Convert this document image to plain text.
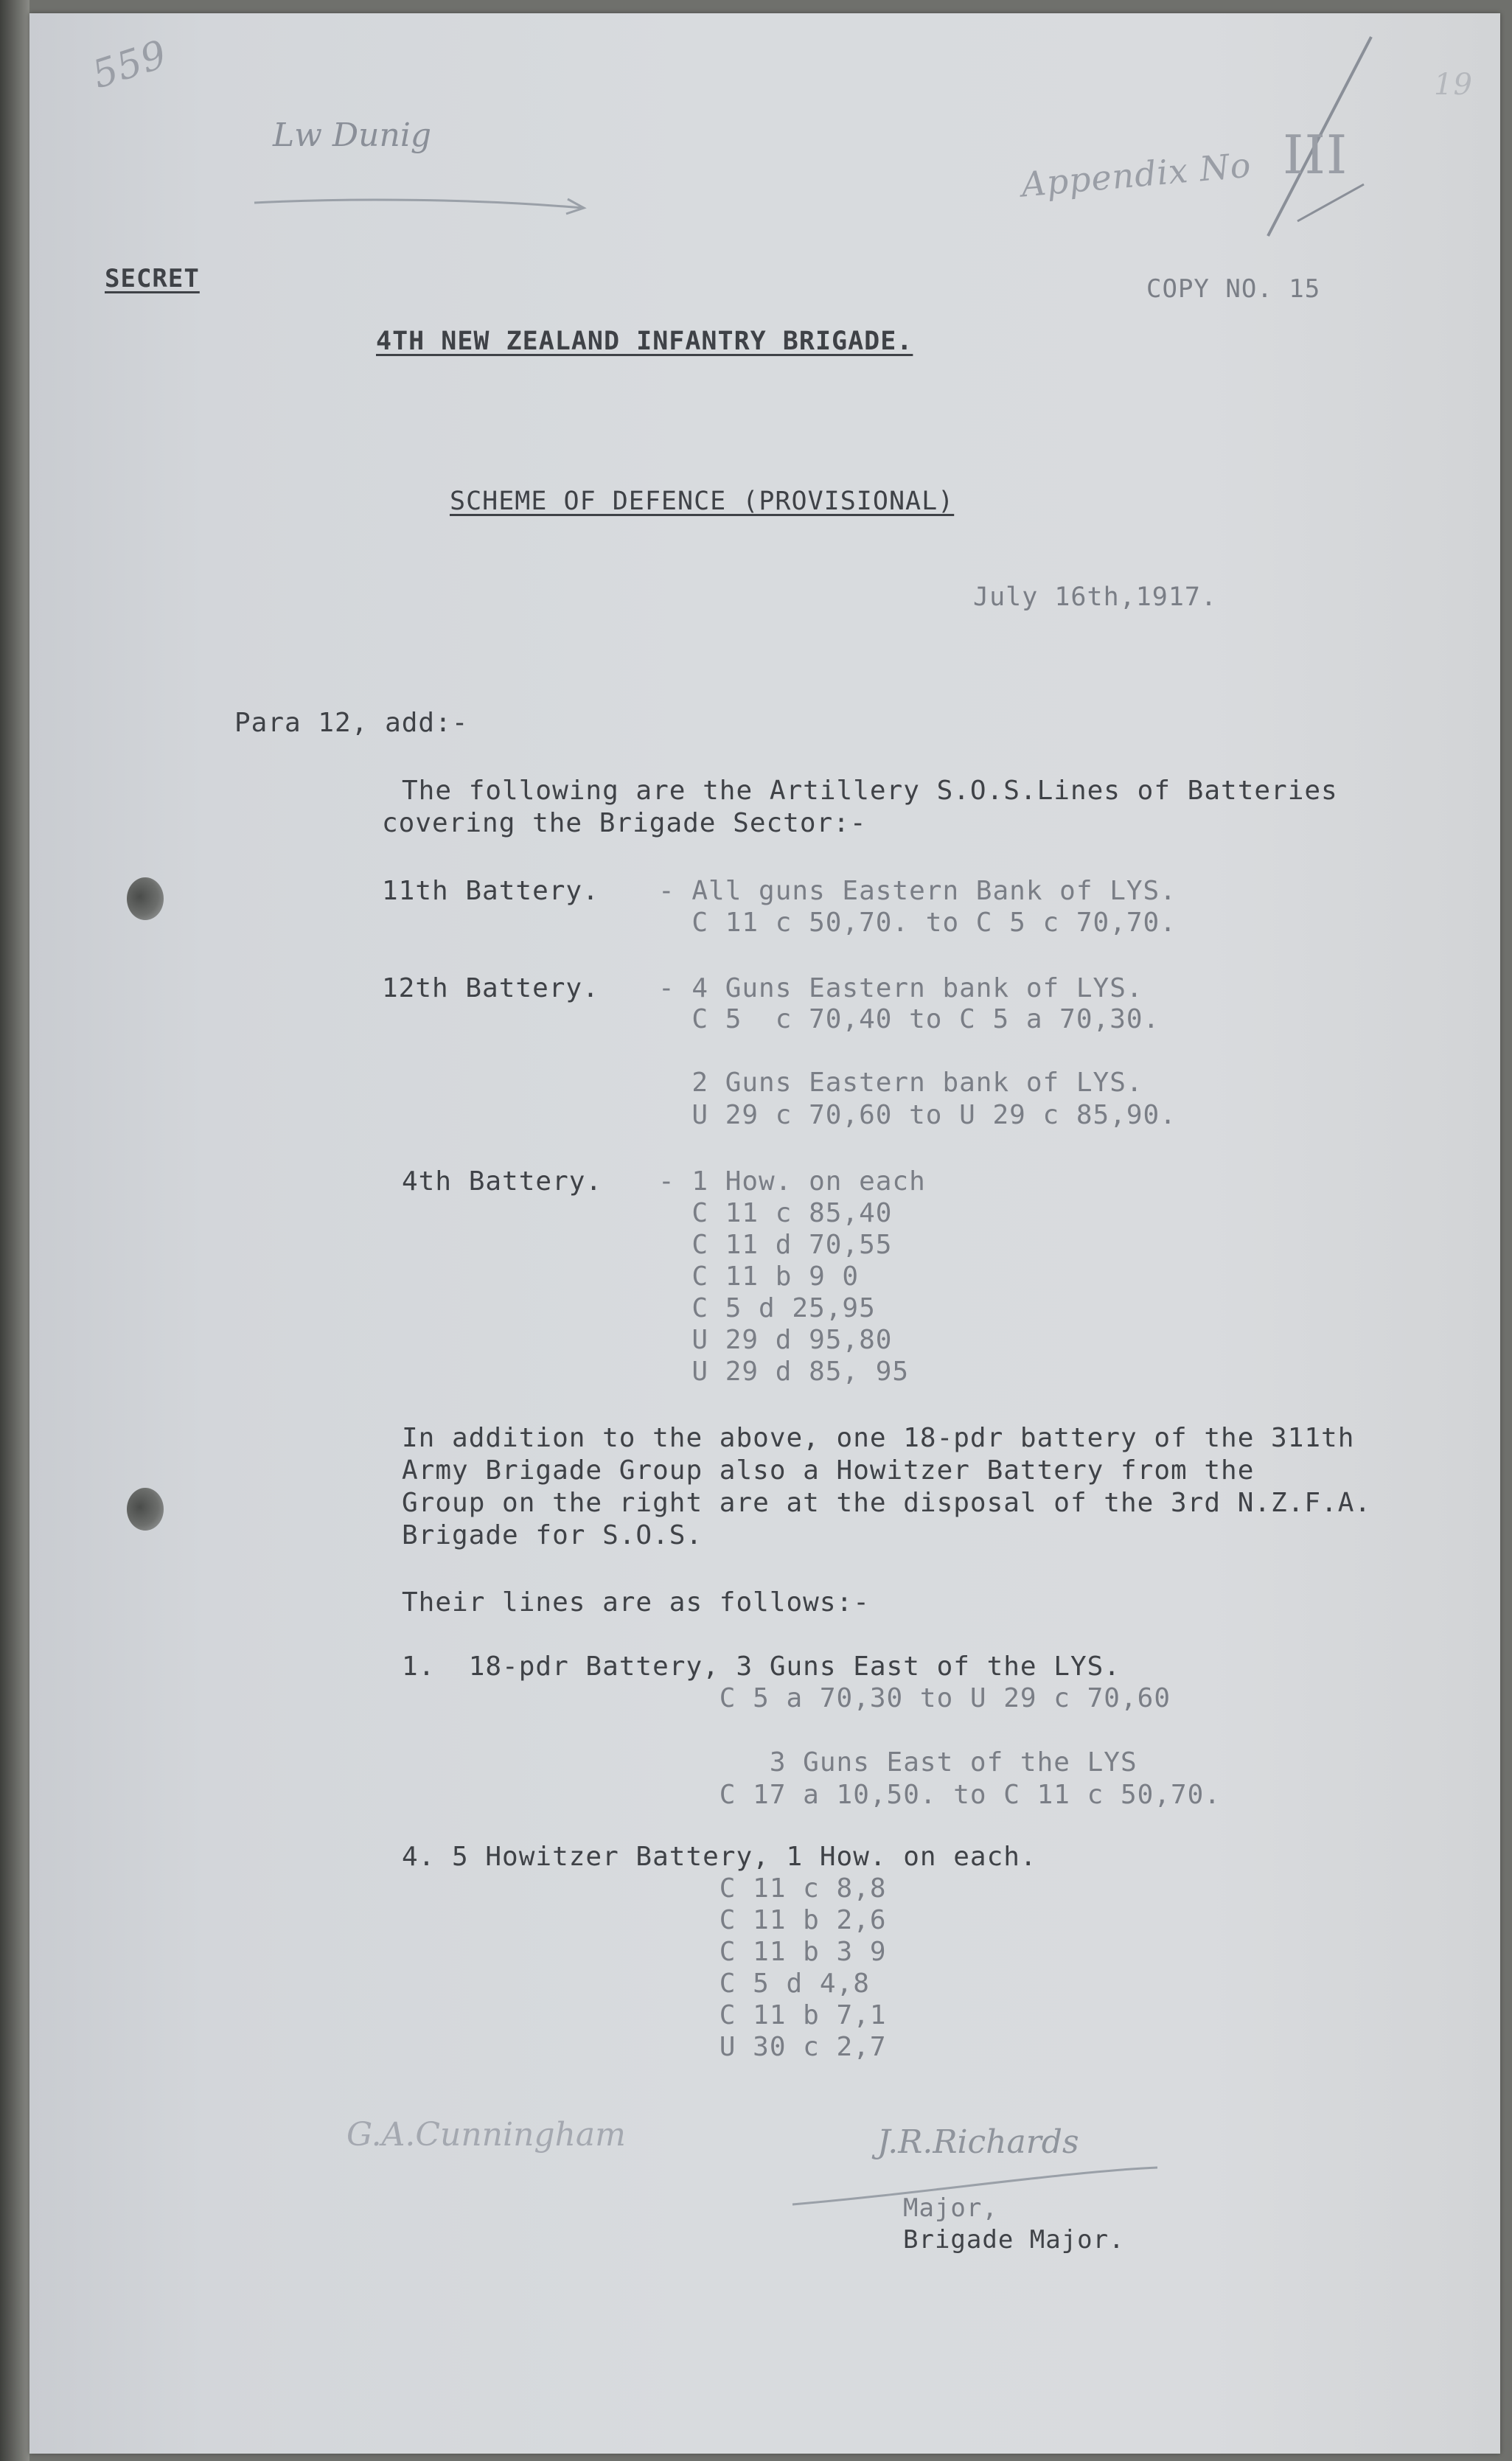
559
Lw Dunig
19
Appendix No III
SECRET	COPY NO. 15
4TH NEW ZEALAND INFANTRY BRIGADE.
SCHEME OF DEFENCE (PROVISIONAL)
July 16th,1917.
Para 12, add:-
The following are the Artillery S.O.S.Lines of Batteries
covering the Brigade Sector:-
11th Battery. - All guns Eastern Bank of LYS.
C 11 c 50,70. to C 5 c 70,70.
12th Battery. - 4 Guns Eastern bank of LYS.
C 5  c 70,40 to C 5 a 70,30.
2 Guns Eastern bank of LYS.
U 29 c 70,60 to U 29 c 85,90.
4th Battery. - 1 How. on each
C 11 c 85,40
C 11 d 70,55
C 11 b 9 0
C 5 d 25,95
U 29 d 95,80
U 29 d 85, 95
In addition to the above, one 18-pdr battery of the 311th
Army Brigade Group also a Howitzer Battery from the
Group on the right are at the disposal of the 3rd N.Z.F.A.
Brigade for S.O.S.
Their lines are as follows:-
1.  18-pdr Battery, 3 Guns East of the LYS.
C 5 a 70,30 to U 29 c 70,60
3 Guns East of the LYS
C 17 a 10,50. to C 11 c 50,70.
4. 5 Howitzer Battery, 1 How. on each.
C 11 c 8,8
C 11 b 2,6
C 11 b 3 9
C 5 d 4,8
C 11 b 7,1
U 30 c 2,7
G.A.Cunningham	J.R.Richards
Major,
Brigade Major.
